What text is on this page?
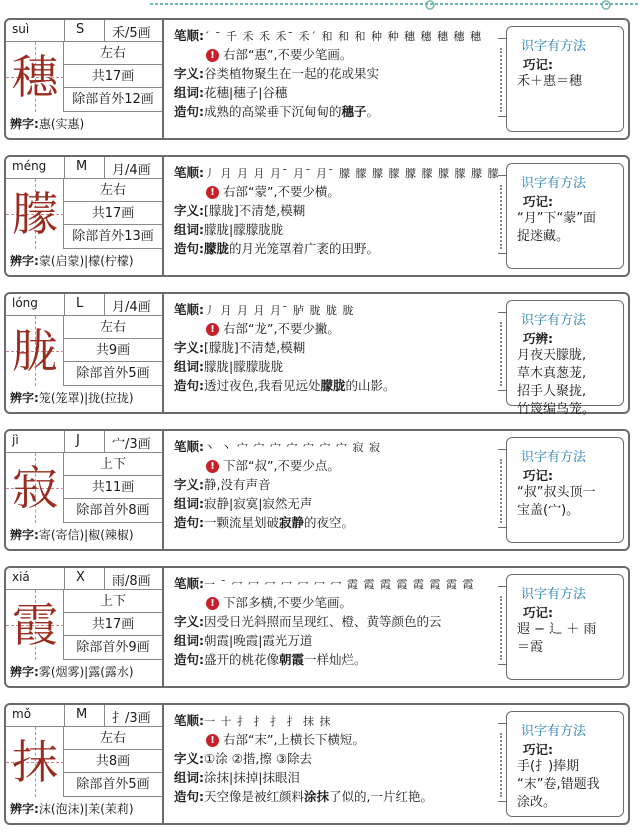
suì	S 禾/5画
穗	左右
共17画
除部首外12画
辨字:惠(实惠)
笔顺:´ ˉ 千 禾 禾 禾ˉ 禾ˊ 和 和 和 种 种 穗 穗 穗 穗 穗
! 右部“惠”,不要少笔画。
字义:谷类植物聚生在一起的花或果实
组词:花穗|穗子|谷穗
造句:成熟的高粱垂下沉甸甸的穗子。
识字有方法
巧记:
禾＋惠＝穗
méng M 月/4画
朦	左右
共17画
除部首外13画
辨字:蒙(启蒙)|檬(柠檬)
笔顺:丿 月 月 月 月ˉ 月ˉ 月ˉ 朦 朦 朦 朦 朦 朦 朦 朦 朦 朦
! 右部“蒙”,不要少横。
字义:[朦胧]不清楚,模糊
组词:朦胧|朦朦胧胧
造句:朦胧的月光笼罩着广袤的田野。
识字有方法
巧记:
“月”下“蒙”面
捉迷藏。
lóng	L 月/4画
胧	左右
共9画
除部首外5画
辨字:笼(笼罩)|拢(拉拢)
笔顺:丿 月 月 月 月ˉ 胪 胧 胧 胧
! 右部“龙”,不要少撇。
字义:[朦胧]不清楚,模糊
组词:朦胧|朦朦胧胧
造句:透过夜色,我看见远处朦胧的山影。
识字有方法
巧辨:
月夜天朦胧,
草木真葱茏,
招手人聚拢,
竹篾编鸟笼。
jì	J 宀/3画
寂	上下
共11画
除部首外8画
辨字:寄(寄信)|椒(辣椒)
笔顺:丶 丶 宀 宀 宀 宀 宀 宀 宀 寂 寂
! 下部“叔”,不要少点。
字义:静,没有声音
组词:寂静|寂寞|寂然无声
造句:一颗流星划破寂静的夜空。
识字有方法
巧记:
“叔”叔头顶一
宝盖(宀)。
xiá	X 雨/8画
霞	上下
共17画
除部首外9画
辨字:雾(烟雾)|露(露水)
笔顺:一 ˉ 冖 冖 冖 冖 冖 冖 冖 霞 霞 霞 霞 霞 霞 霞 霞
! 下部多横,不要少笔画。
字义:因受日光斜照而呈现红、橙、黄等颜色的云
组词:朝霞|晚霞|霞光万道
造句:盛开的桃花像朝霞一样灿烂。
识字有方法
巧记:
遐 − 辶 ＋ 雨
＝霞
mǒ	M 扌/3画
抹	左右
共8画
除部首外5画
辨字:沫(泡沫)|茉(茉莉)
笔顺:一 十 扌 扌 扌 扌 抹 抹
! 右部“末”,上横长下横短。
字义:①涂 ②揩,擦 ③除去
组词:涂抹|抹掉|抹眼泪
造句:天空像是被红颜料涂抹了似的,一片红艳。
识字有方法
巧记:
手(扌)捧期
“末”卷,错题我
涂改。
